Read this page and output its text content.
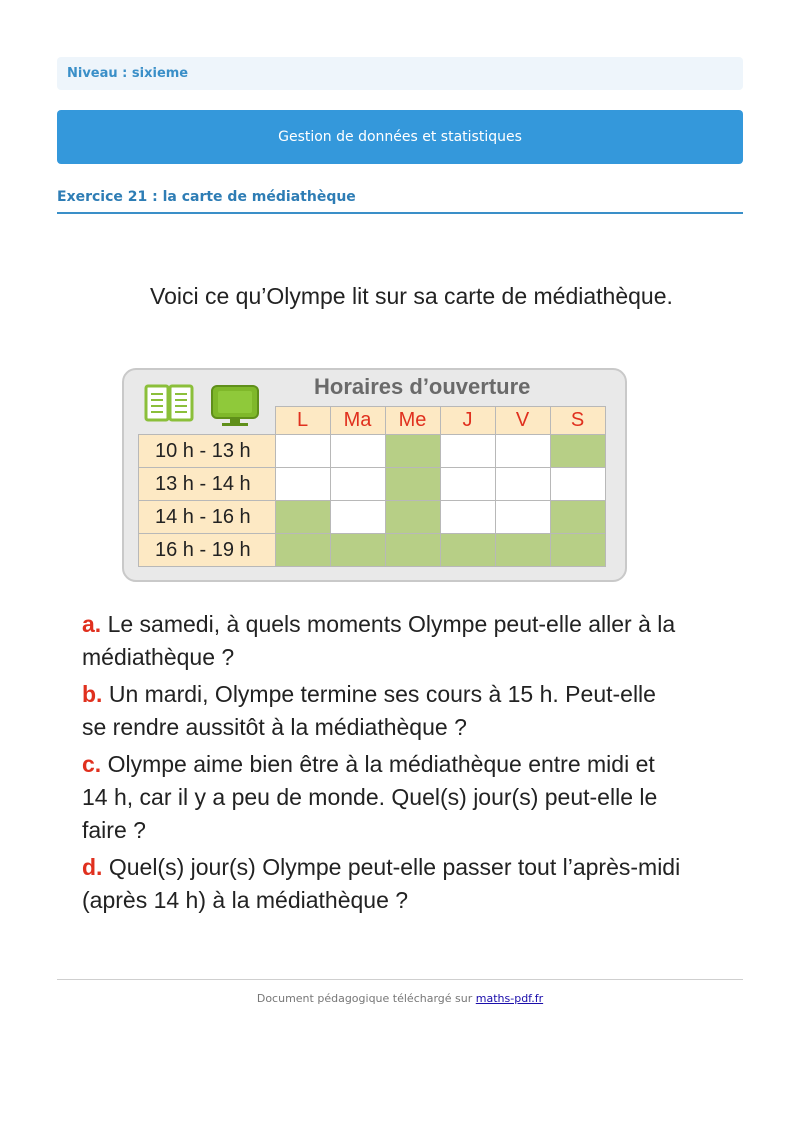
Niveau : sixieme
Gestion de données et statistiques
Exercice 21 : la carte de médiathèque

Voici ce qu’Olympe lit sur sa carte de médiathèque.

Horaires d’ouverture
	L	Ma	Me	J	V	S
10 h - 13 h						
13 h - 14 h						
14 h - 16 h						
16 h - 19 h						

a. Le samedi, à quels moments Olympe peut-elle aller à la médiathèque ?

b. Un mardi, Olympe termine ses cours à 15 h. Peut-elle se rendre aussitôt à la médiathèque ?

c. Olympe aime bien être à la médiathèque entre midi et 14 h, car il y a peu de monde. Quel(s) jour(s) peut-elle le faire ?

d. Quel(s) jour(s) Olympe peut-elle passer tout l’après-midi (après 14 h) à la médiathèque ?

Document pédagogique téléchargé sur maths-pdf.fr
